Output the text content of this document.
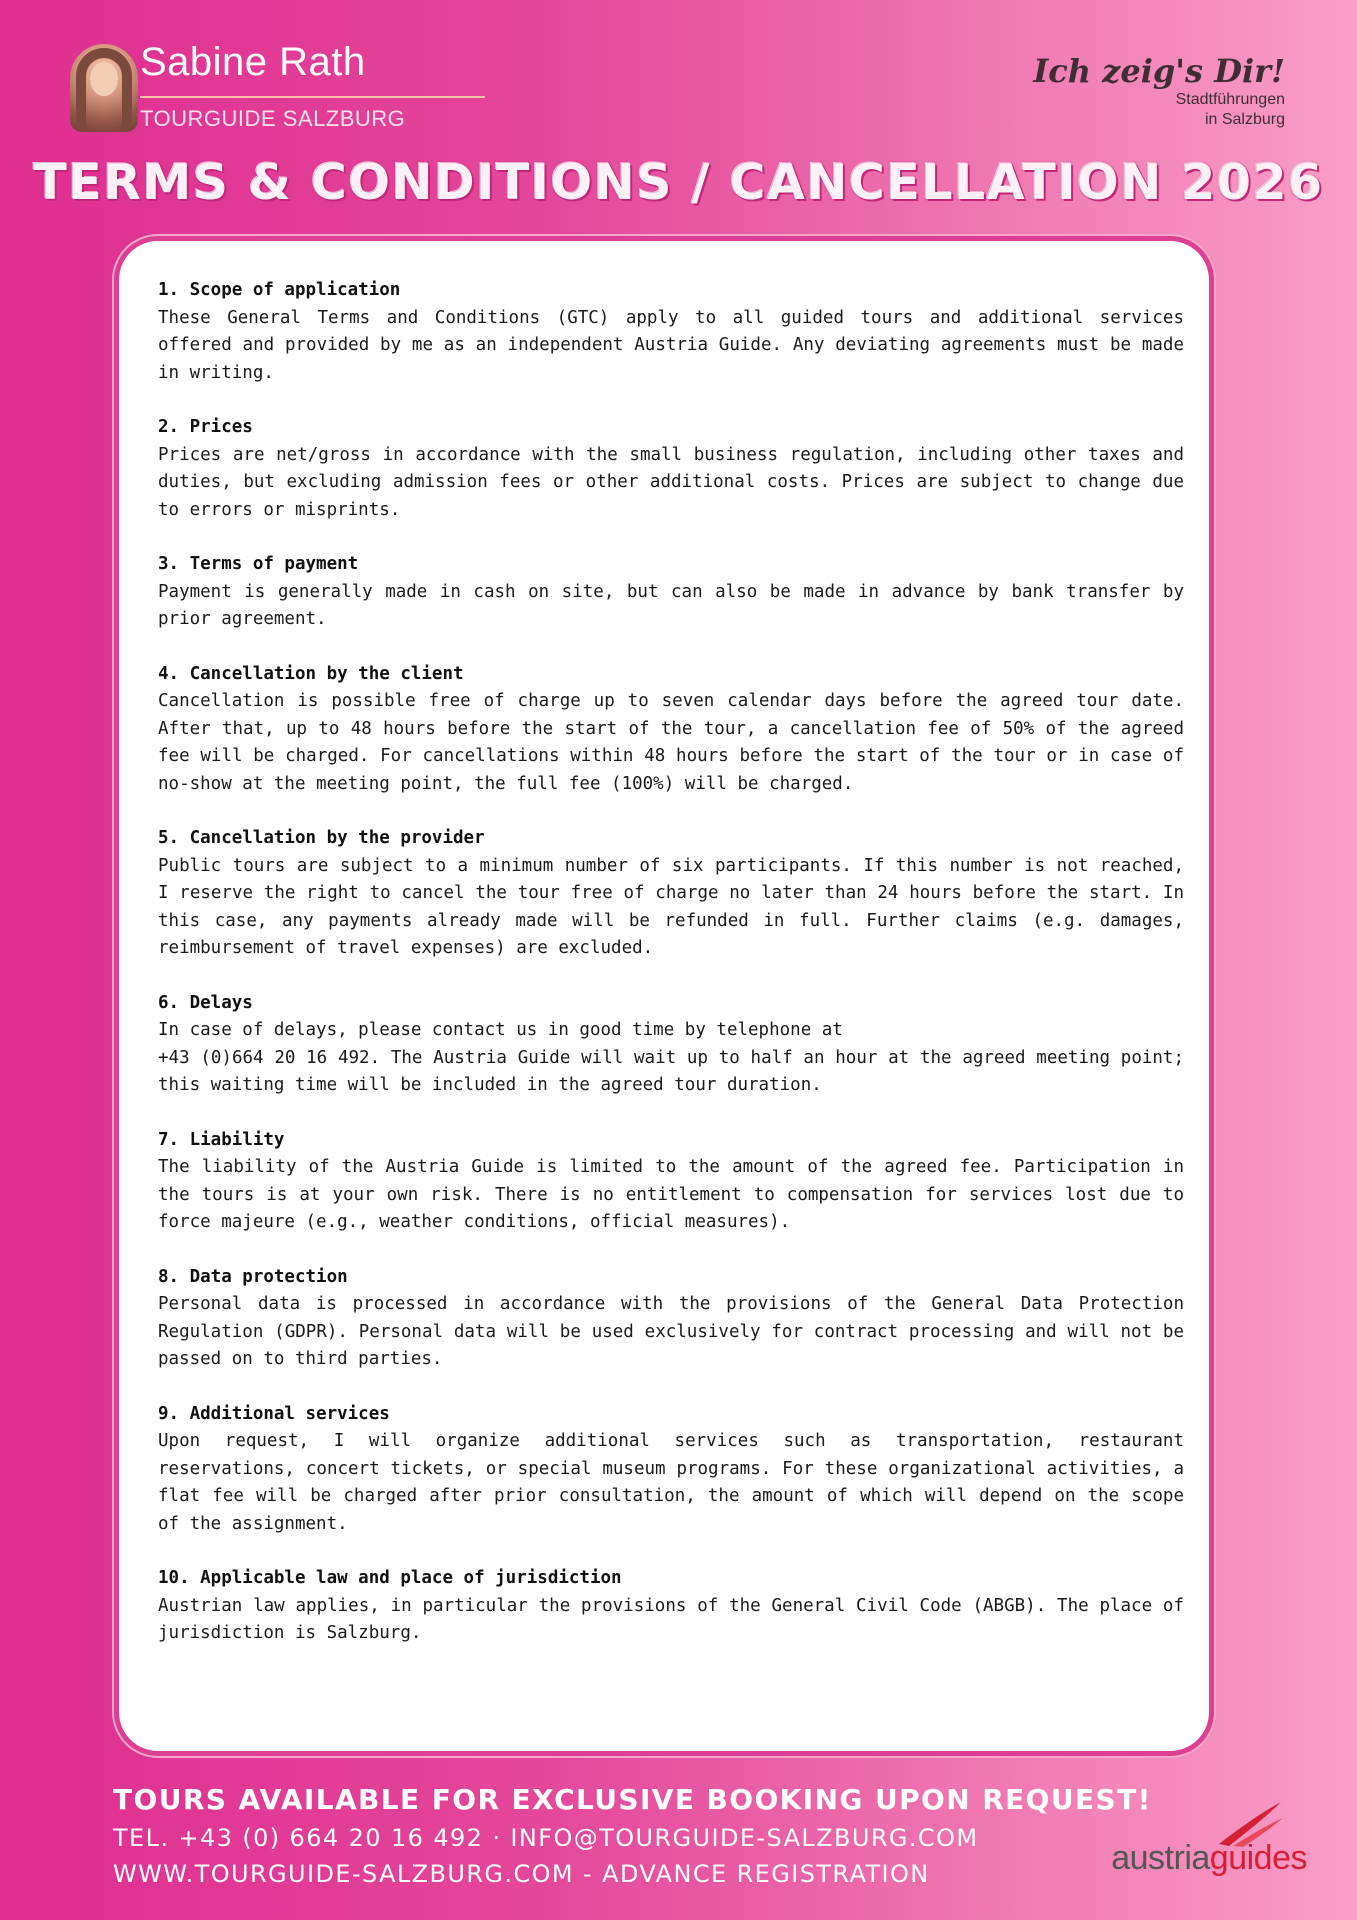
Sabine Rath
TOURGUIDE SALZBURG
Ich zeig's Dir!
Stadtführungen
in Salzburg
TERMS & CONDITIONS / CANCELLATION 2026
1. Scope of application
These General Terms and Conditions (GTC) apply to all guided tours and additional services offered and provided by me as an independent Austria Guide. Any deviating agreements must be made in writing.
2. Prices
Prices are net/gross in accordance with the small business regulation, including other taxes and duties, but excluding admission fees or other additional costs. Prices are subject to change due to errors or misprints.
3. Terms of payment
Payment is generally made in cash on site, but can also be made in advance by bank transfer by prior agreement.
4. Cancellation by the client
Cancellation is possible free of charge up to seven calendar days before the agreed tour date. After that, up to 48 hours before the start of the tour, a cancellation fee of 50% of the agreed fee will be charged. For cancellations within 48 hours before the start of the tour or in case of no-show at the meeting point, the full fee (100%) will be charged.
5. Cancellation by the provider
Public tours are subject to a minimum number of six participants. If this number is not reached, I reserve the right to cancel the tour free of charge no later than 24 hours before the start. In this case, any payments already made will be refunded in full. Further claims (e.g. damages, reimbursement of travel expenses) are excluded.
6. Delays
In case of delays, please contact us in good time by telephone at
+43 (0)664 20 16 492. The Austria Guide will wait up to half an hour at the agreed meeting point; this waiting time will be included in the agreed tour duration.
7. Liability
The liability of the Austria Guide is limited to the amount of the agreed fee. Participation in the tours is at your own risk. There is no entitlement to compensation for services lost due to force majeure (e.g., weather conditions, official measures).
8. Data protection
Personal data is processed in accordance with the provisions of the General Data Protection Regulation (GDPR). Personal data will be used exclusively for contract processing and will not be passed on to third parties.
9. Additional services
Upon request, I will organize additional services such as transportation, restaurant reservations, concert tickets, or special museum programs. For these organizational activities, a flat fee will be charged after prior consultation, the amount of which will depend on the scope of the assignment.
10. Applicable law and place of jurisdiction
Austrian law applies, in particular the provisions of the General Civil Code (ABGB). The place of jurisdiction is Salzburg.
TOURS AVAILABLE FOR EXCLUSIVE BOOKING UPON REQUEST!
TEL. +43 (0) 664 20 16 492 · INFO@TOURGUIDE-SALZBURG.COM
WWW.TOURGUIDE-SALZBURG.COM - ADVANCE REGISTRATION	austriaguides
